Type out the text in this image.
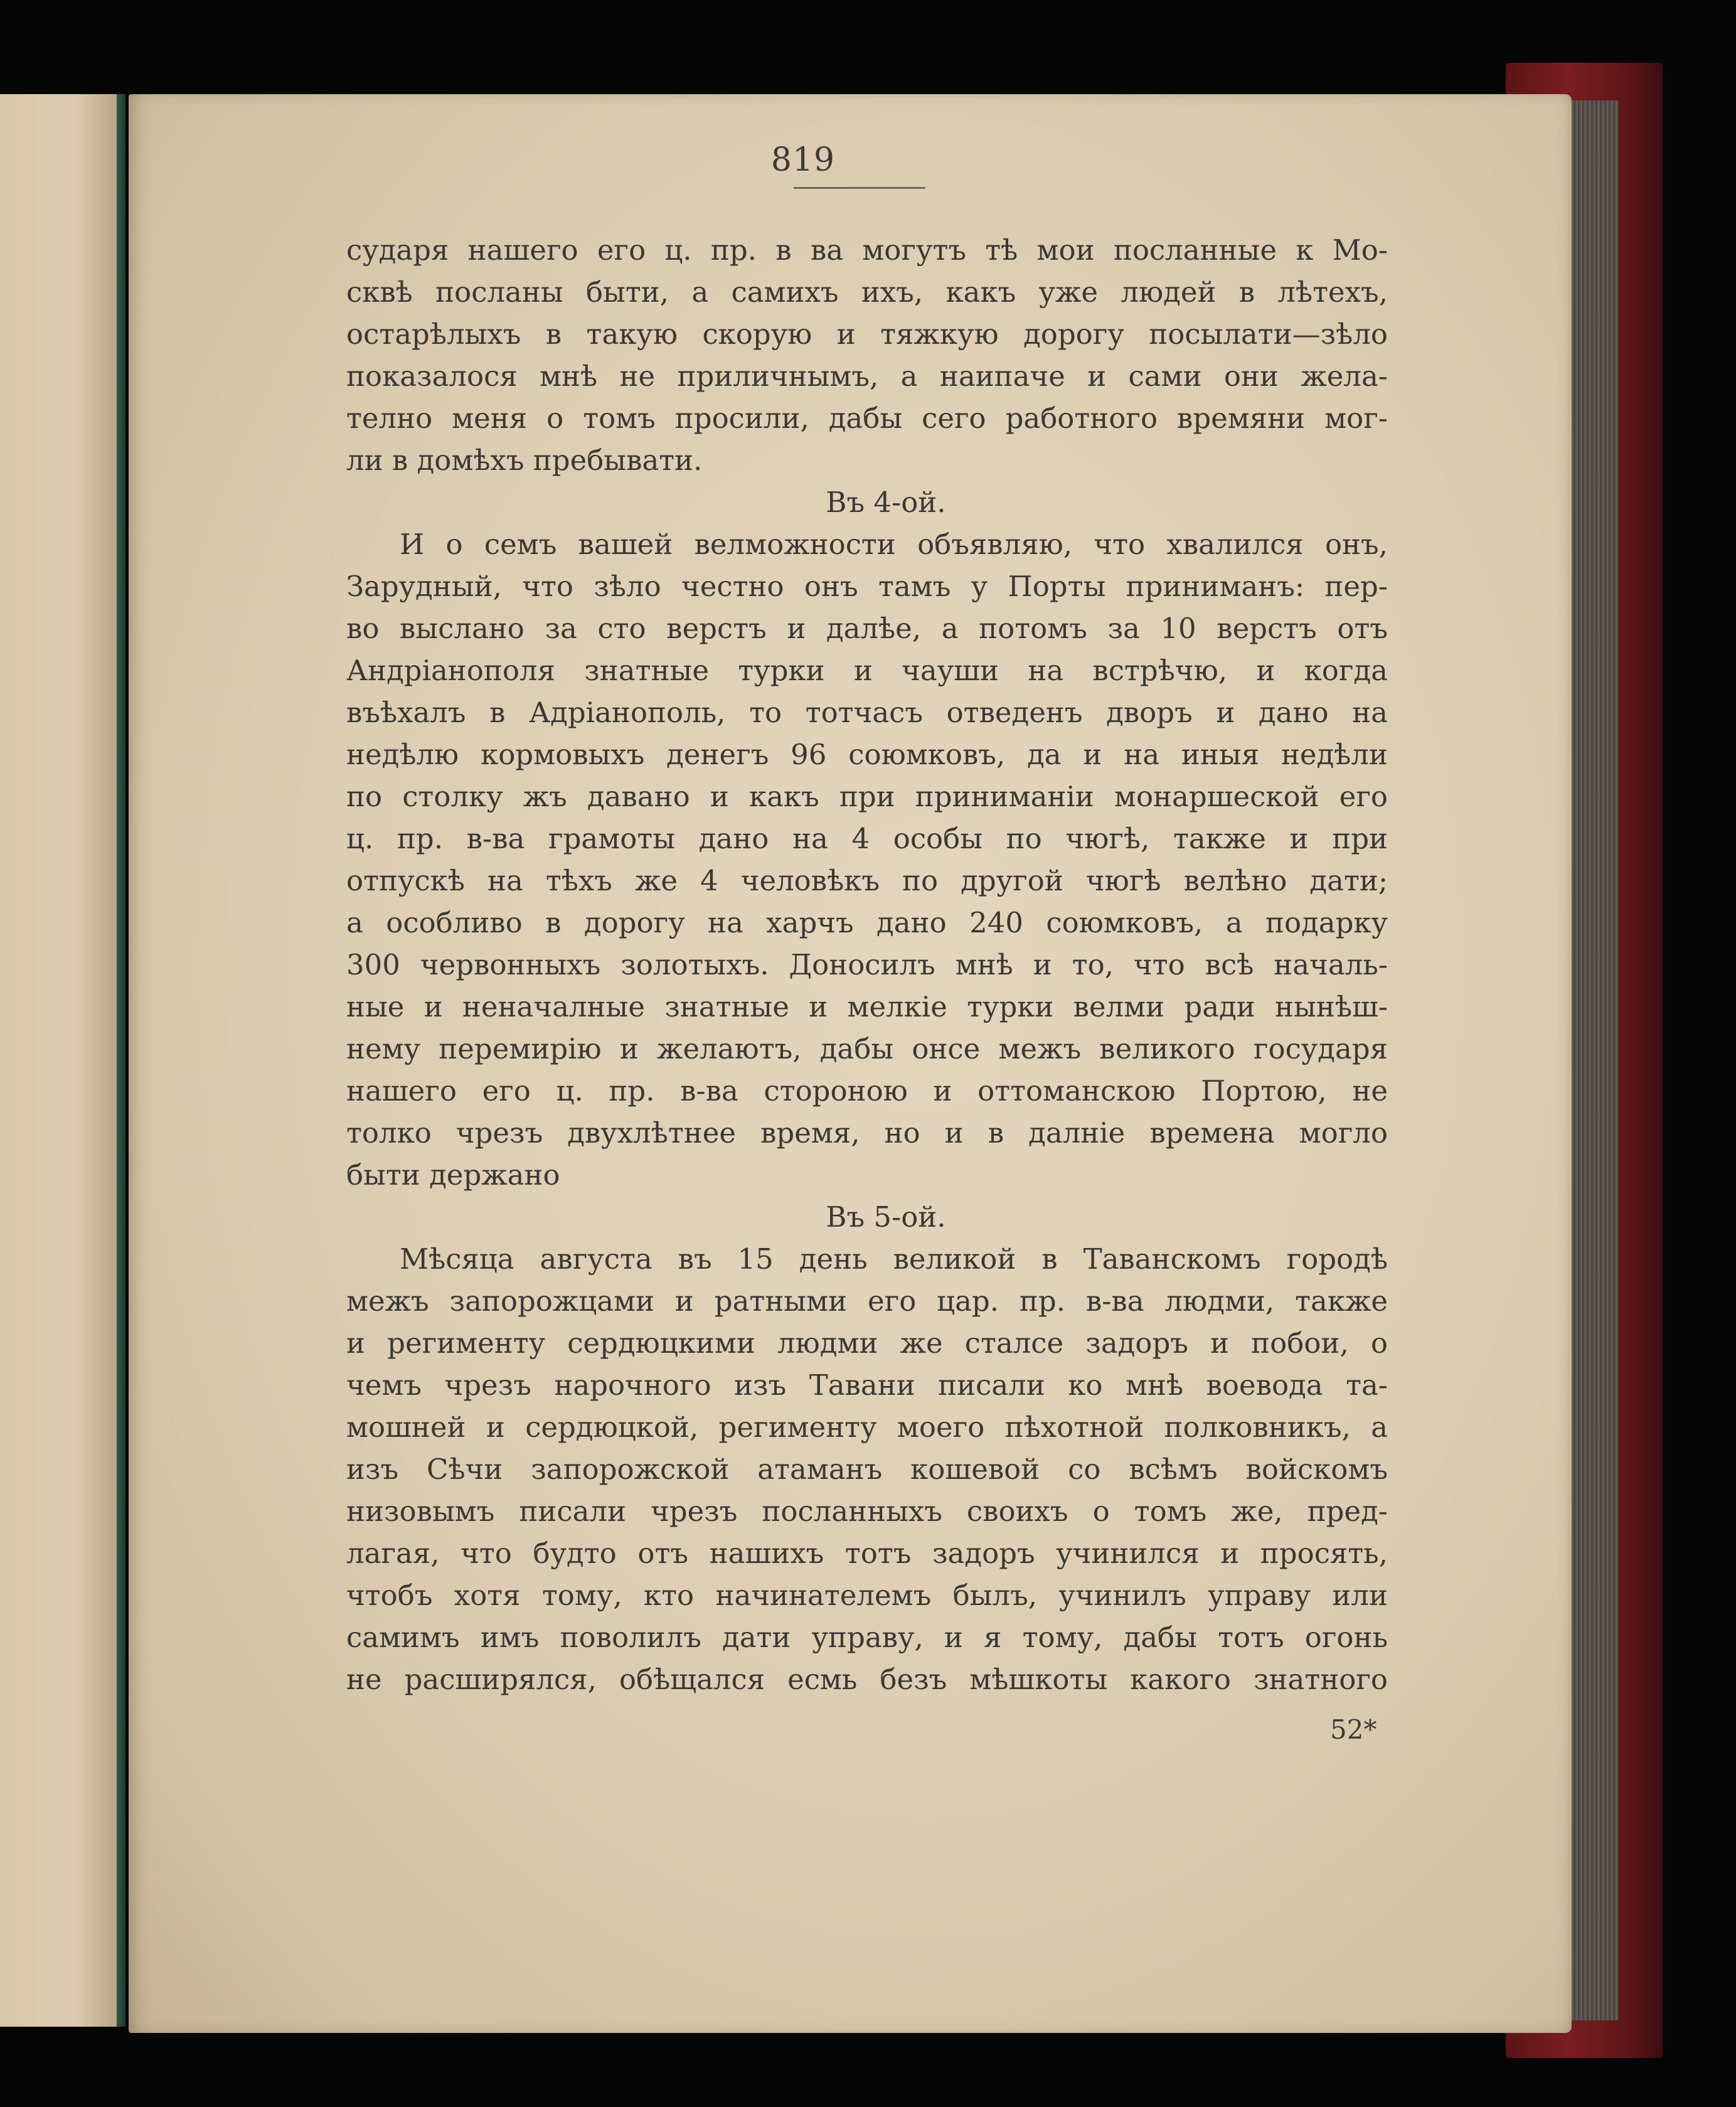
819
сударя нашего его ц. пр. в ва могутъ тѣ мои посланные к Мо-
сквѣ посланы быти, а самихъ ихъ, какъ уже людей в лѣтехъ,
остарѣлыхъ в такую скорую и тяжкую дорогу посылати—зѣло
показалося мнѣ не приличнымъ, а наипаче и сами они жела-
телно меня о томъ просили, дабы сего работного времяни мог-
ли в домѣхъ пребывати.
Въ 4-ой.
И о семъ вашей велможности объявляю, что хвалился онъ,
Зарудный, что зѣло честно онъ тамъ у Порты приниманъ: пер-
во выслано за сто верстъ и далѣе, а потомъ за 10 верстъ отъ
Андріанополя знатные турки и чауши на встрѣчю, и когда
въѣхалъ в Адріанополь, то тотчасъ отведенъ дворъ и дано на
недѣлю кормовыхъ денегъ 96 союмковъ, да и на иныя недѣли
по столку жъ давано и какъ при приниманіи монаршеской его
ц. пр. в-ва грамоты дано на 4 особы по чюгѣ, также и при
отпускѣ на тѣхъ же 4 человѣкъ по другой чюгѣ велѣно дати;
а особливо в дорогу на харчъ дано 240 союмковъ, а подарку
300 червонныхъ золотыхъ. Доносилъ мнѣ и то, что всѣ началь-
ные и неначалные знатные и мелкіе турки велми ради нынѣш-
нему перемирію и желаютъ, дабы онсе межъ великого государя
нашего его ц. пр. в-ва стороною и оттоманскою Портою, не
толко чрезъ двухлѣтнее время, но и в далніе времена могло
быти держано
Въ 5-ой.
Мѣсяца августа въ 15 день великой в Таванскомъ городѣ
межъ запорожцами и ратными его цар. пр. в-ва людми, также
и регименту сердюцкими людми же сталсе задоръ и побои, о
чемъ чрезъ нарочного изъ Тавани писали ко мнѣ воевода та-
мошней и сердюцкой, регименту моего пѣхотной полковникъ, а
изъ Сѣчи запорожской атаманъ кошевой со всѣмъ войскомъ
низовымъ писали чрезъ посланныхъ своихъ о томъ же, пред-
лагая, что будто отъ нашихъ тотъ задоръ учинился и просять,
чтобъ хотя тому, кто начинателемъ былъ, учинилъ управу или
самимъ имъ поволилъ дати управу, и я тому, дабы тотъ огонь
не расширялся, обѣщался есмь безъ мѣшкоты какого знатного
52*
